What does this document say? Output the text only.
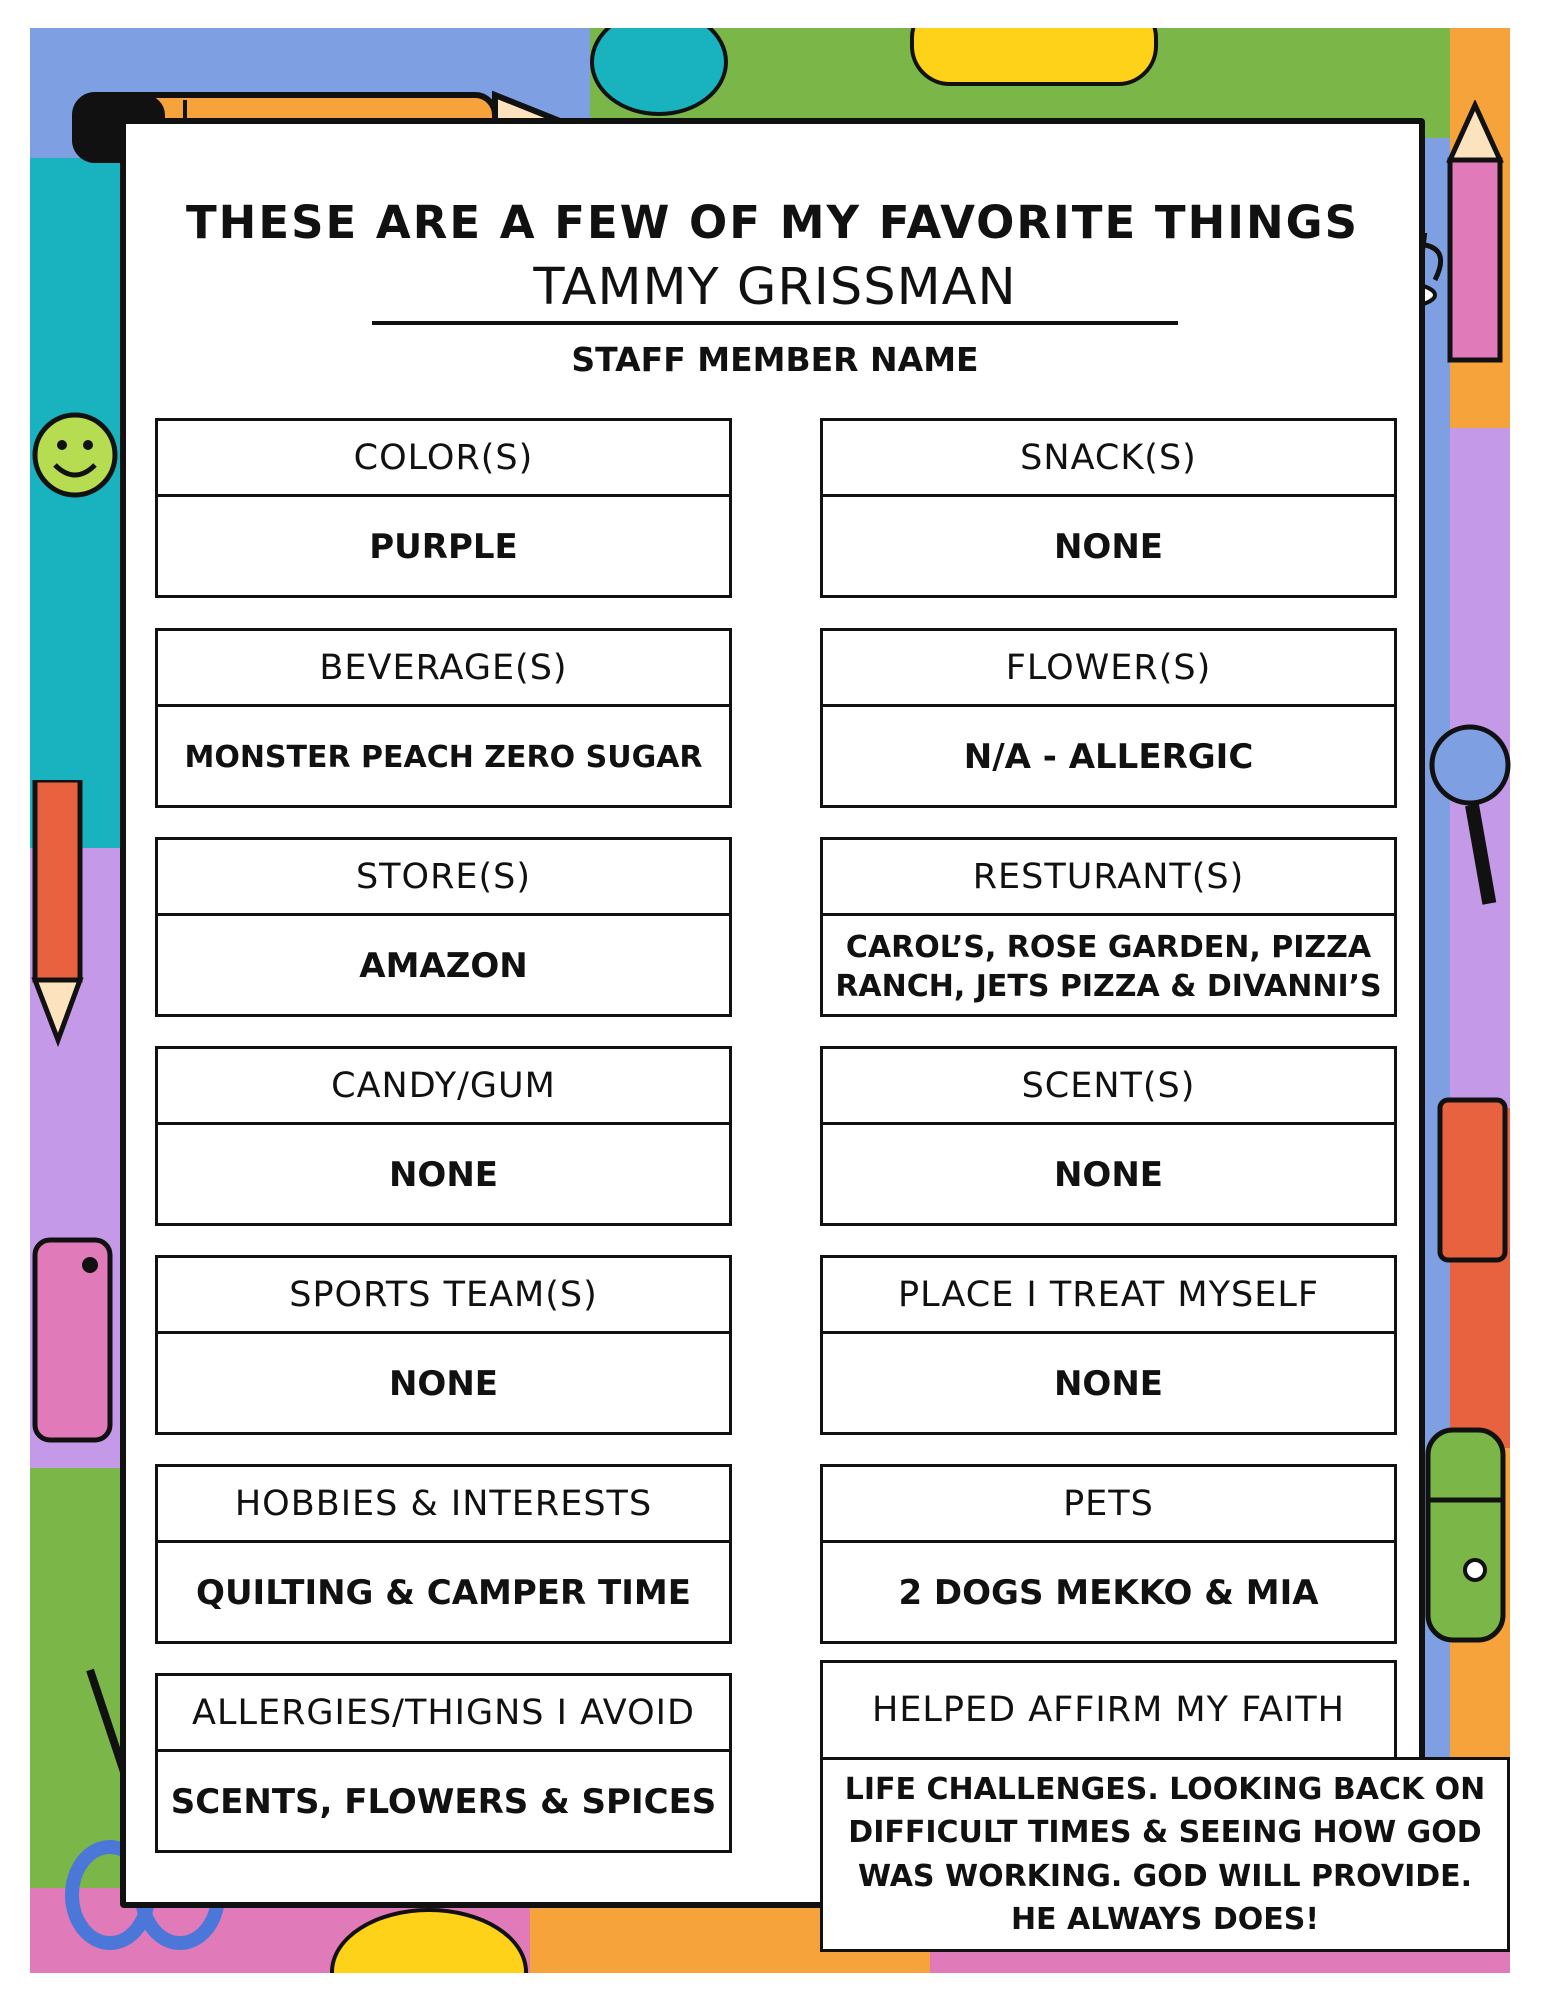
THESE ARE A FEW OF MY FAVORITE THINGS
TAMMY GRISSMAN
STAFF MEMBER NAME
COLOR(S)
PURPLE
BEVERAGE(S)
MONSTER PEACH ZERO SUGAR
STORE(S)
AMAZON
CANDY/GUM
NONE
SPORTS TEAM(S)
NONE
HOBBIES & INTERESTS
QUILTING & CAMPER TIME
ALLERGIES/THIGNS I AVOID
SCENTS, FLOWERS & SPICES
SNACK(S)
NONE
FLOWER(S)
N/A - ALLERGIC
RESTURANT(S)
CAROL’S, ROSE GARDEN, PIZZA RANCH, JETS PIZZA & DIVANNI’S
SCENT(S)
NONE
PLACE I TREAT MYSELF
NONE
PETS
2 DOGS MEKKO & MIA
HELPED AFFIRM MY FAITH
LIFE CHALLENGES. LOOKING BACK ON DIFFICULT TIMES & SEEING HOW GOD WAS WORKING. GOD WILL PROVIDE. HE ALWAYS DOES!
